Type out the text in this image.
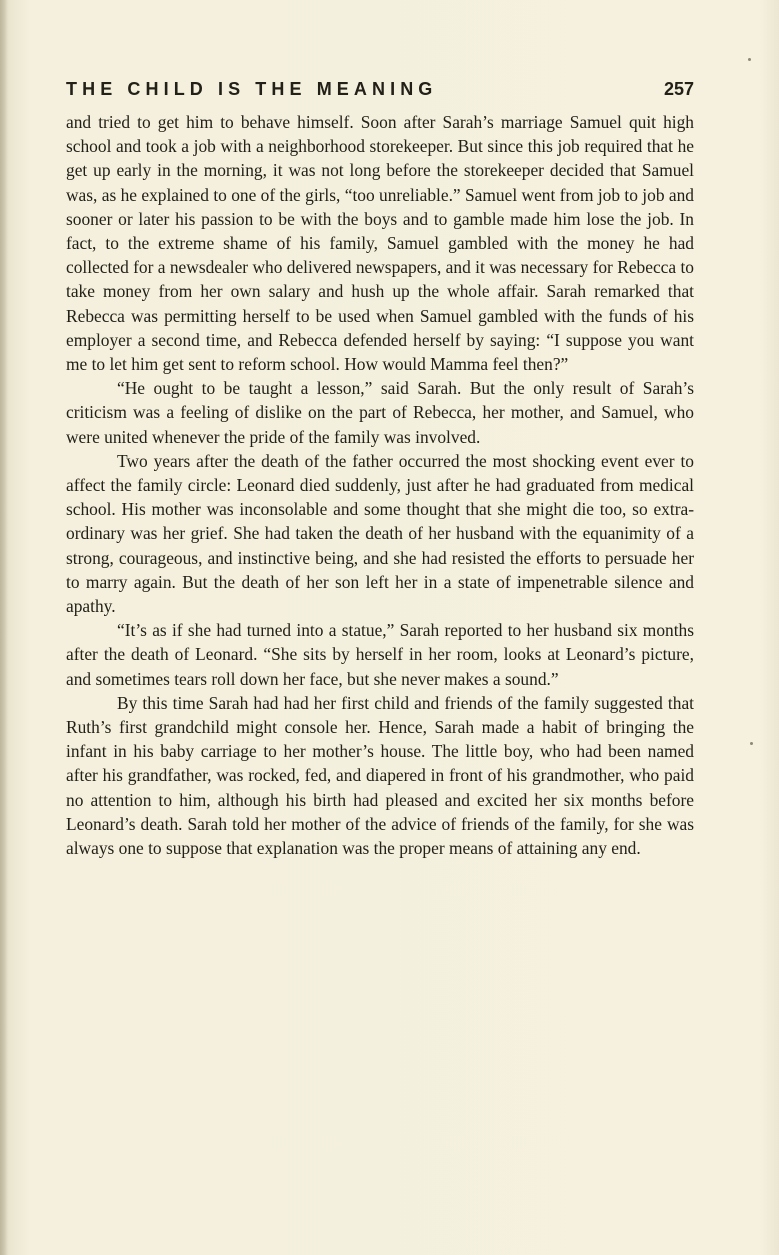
THE CHILD IS THE MEANING	257

and tried to get him to behave himself. Soon after Sarah’s marriage Samuel quit high school and took a job with a neighborhood storekeeper. But since this job required that he get up early in the morning, it was not long before the storekeeper decided that Samuel was, as he explained to one of the girls, “too unreliable.” Samuel went from job to job and sooner or later his passion to be with the boys and to gamble made him lose the job. In fact, to the extreme shame of his family, Samuel gambled with the money he had collected for a newsdealer who delivered newspapers, and it was necessary for Rebecca to take money from her own salary and hush up the whole affair. Sarah remarked that Rebecca was permitting herself to be used when Samuel gambled with the funds of his employer a second time, and Rebecca defended herself by saying: “I suppose you want me to let him get sent to reform school. How would Mamma feel then?”

“He ought to be taught a lesson,” said Sarah. But the only result of Sarah’s criticism was a feeling of dislike on the part of Rebecca, her mother, and Samuel, who were united whenever the pride of the family was involved.

Two years after the death of the father occurred the most shocking event ever to affect the family circle: Leonard died suddenly, just after he had graduated from medical school. His mother was inconsolable and some thought that she might die too, so extraordinary was her grief. She had taken the death of her husband with the equanimity of a strong, courageous, and instinctive being, and she had resisted the efforts to persuade her to marry again. But the death of her son left her in a state of impenetrable silence and apathy.

“It’s as if she had turned into a statue,” Sarah reported to her husband six months after the death of Leonard. “She sits by herself in her room, looks at Leonard’s picture, and sometimes tears roll down her face, but she never makes a sound.”

By this time Sarah had had her first child and friends of the family suggested that Ruth’s first grandchild might console her. Hence, Sarah made a habit of bringing the infant in his baby carriage to her mother’s house. The little boy, who had been named after his grandfather, was rocked, fed, and diapered in front of his grandmother, who paid no attention to him, although his birth had pleased and excited her six months before Leonard’s death. Sarah told her mother of the advice of friends of the family, for she was always one to suppose that explanation was the proper means of attaining any end.
